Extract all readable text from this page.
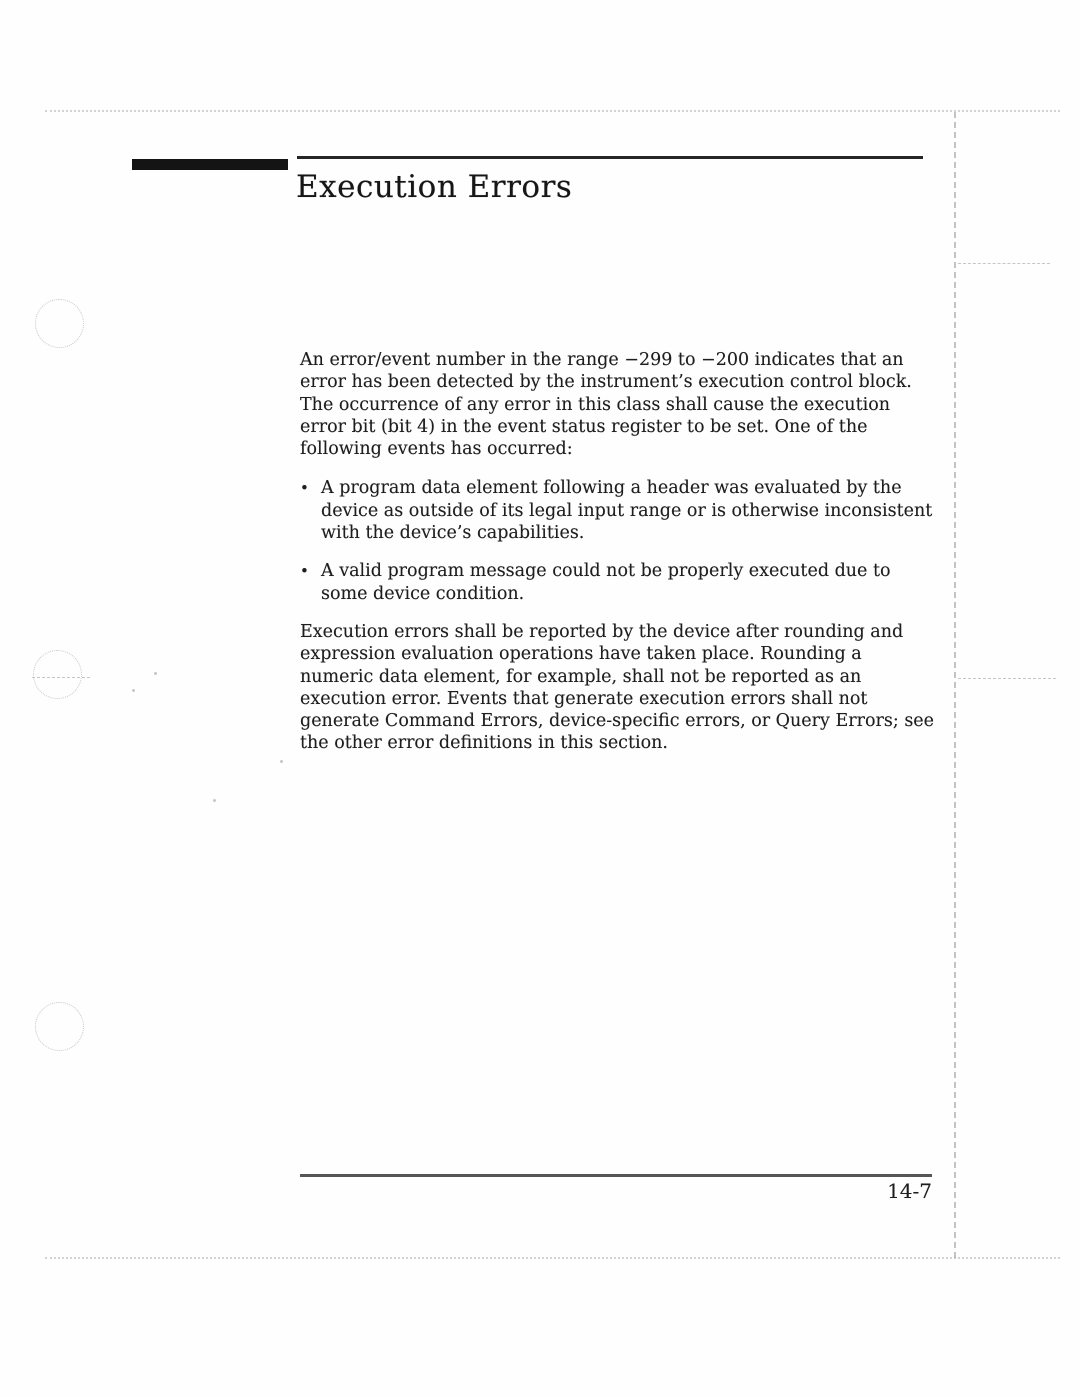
Execution Errors

An error/event number in the range −299 to −200 indicates that an error has been detected by the instrument’s execution control block. The occurrence of any error in this class shall cause the execution error bit (bit 4) in the event status register to be set. One of the following events has occurred:

• A program data element following a header was evaluated by the device as outside of its legal input range or is otherwise inconsistent with the device’s capabilities.
• A valid program message could not be properly executed due to some device condition.

Execution errors shall be reported by the device after rounding and expression evaluation operations have taken place. Rounding a numeric data element, for example, shall not be reported as an execution error. Events that generate execution errors shall not generate Command Errors, device-specific errors, or Query Errors; see the other error definitions in this section.

14-7
